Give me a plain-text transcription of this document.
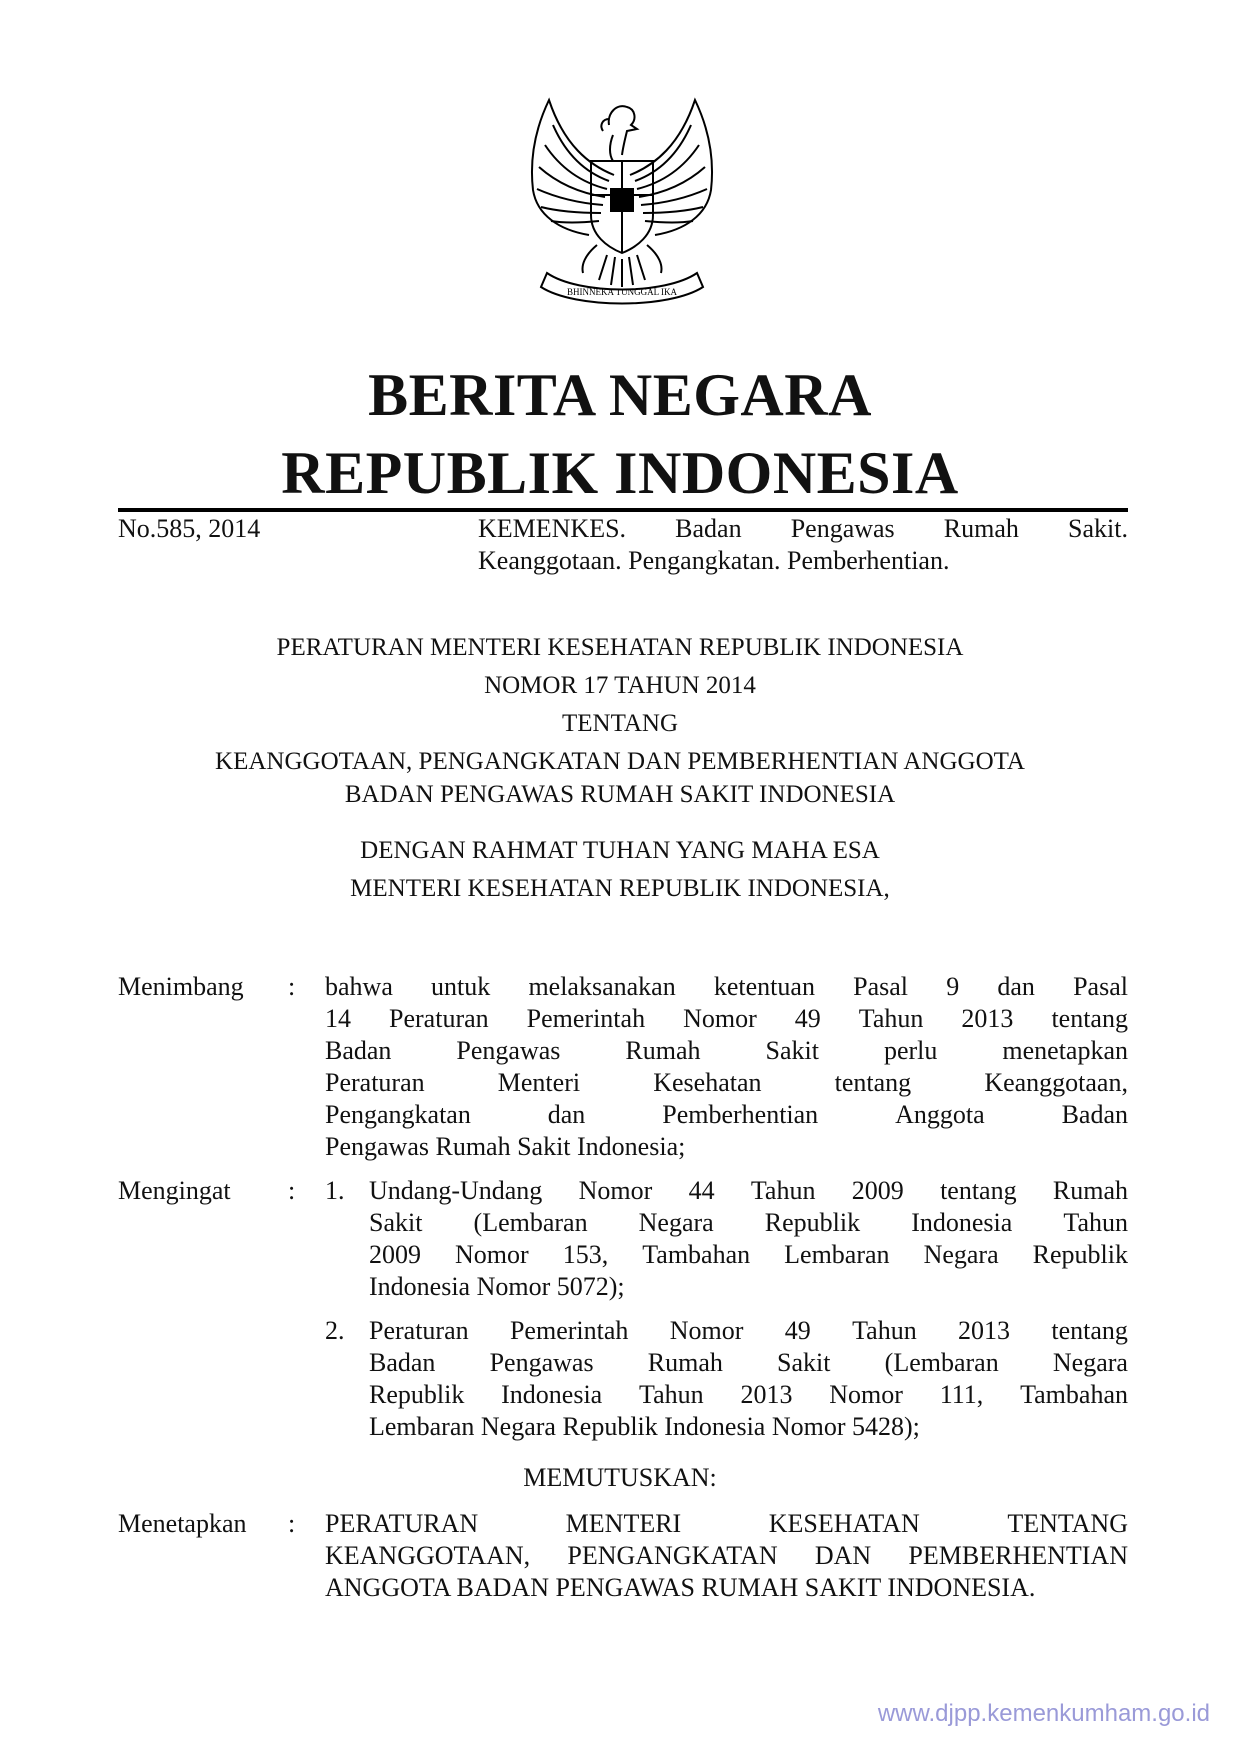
BHINNEKA TUNGGAL IKA
BERITA NEGARA
REPUBLIK INDONESIA
No.585, 2014	KEMENKES. Badan Pengawas Rumah Sakit.
Keanggotaan. Pengangkatan. Pemberhentian.
PERATURAN MENTERI KESEHATAN REPUBLIK INDONESIA
NOMOR 17 TAHUN 2014
TENTANG
KEANGGOTAAN, PENGANGKATAN DAN PEMBERHENTIAN ANGGOTA
BADAN PENGAWAS RUMAH SAKIT INDONESIA
DENGAN RAHMAT TUHAN YANG MAHA ESA
MENTERI KESEHATAN REPUBLIK INDONESIA,
Menimbang	: bahwa untuk melaksanakan ketentuan Pasal 9 dan Pasal
14 Peraturan Pemerintah Nomor 49 Tahun 2013 tentang
Badan	Pengawas	Rumah	Sakit	perlu	menetapkan
Peraturan	Menteri	Kesehatan	tentang	Keanggotaan,
Pengangkatan	dan	Pemberhentian	Anggota	Badan
Pengawas Rumah Sakit Indonesia;
Mengingat	: 1. Undang-Undang Nomor 44 Tahun 2009 tentang Rumah
Sakit (Lembaran Negara Republik Indonesia Tahun
2009 Nomor 153, Tambahan Lembaran Negara Republik
Indonesia Nomor 5072);
2. Peraturan Pemerintah Nomor 49 Tahun 2013 tentang
Badan Pengawas Rumah Sakit (Lembaran Negara
Republik Indonesia Tahun 2013 Nomor 111, Tambahan
Lembaran Negara Republik Indonesia Nomor 5428);
MEMUTUSKAN:
Menetapkan	: PERATURAN	MENTERI	KESEHATAN	TENTANG
KEANGGOTAAN, PENGANGKATAN DAN PEMBERHENTIAN
ANGGOTA BADAN PENGAWAS RUMAH SAKIT INDONESIA.
www.djpp.kemenkumham.go.id
